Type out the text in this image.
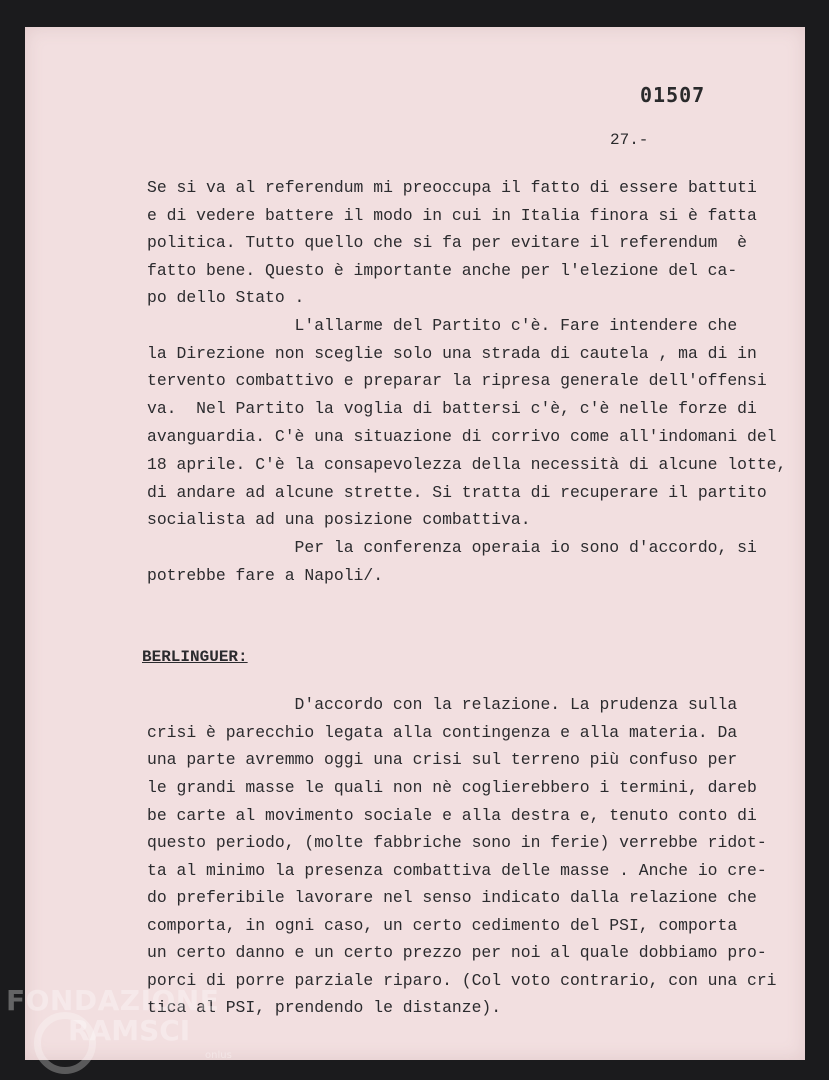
01507
27.-
Se si va al referendum mi preoccupa il fatto di essere battuti
e di vedere battere il modo in cui in Italia finora si è fatta
politica. Tutto quello che si fa per evitare il referendum  è
fatto bene. Questo è importante anche per l'elezione del ca-
po dello Stato .
L'allarme del Partito c'è. Fare intendere che
la Direzione non sceglie solo una strada di cautela , ma di in
tervento combattivo e preparar la ripresa generale dell'offensi
va.  Nel Partito la voglia di battersi c'è, c'è nelle forze di
avanguardia. C'è una situazione di corrivo come all'indomani del
18 aprile. C'è la consapevolezza della necessità di alcune lotte,
di andare ad alcune strette. Si tratta di recuperare il partito
socialista ad una posizione combattiva.
Per la conferenza operaia io sono d'accordo, si
potrebbe fare a Napoli/.
BERLINGUER:
D'accordo con la relazione. La prudenza sulla
crisi è parecchio legata alla contingenza e alla materia. Da
una parte avremmo oggi una crisi sul terreno più confuso per
le grandi masse le quali non nè coglierebbero i termini, dareb
be carte al movimento sociale e alla destra e, tenuto conto di
questo periodo, (molte fabbriche sono in ferie) verrebbe ridot-
ta al minimo la presenza combattiva delle masse . Anche io cre-
do preferibile lavorare nel senso indicato dalla relazione che
comporta, in ogni caso, un certo cedimento del PSI, comporta
un certo danno e un certo prezzo per noi al quale dobbiamo pro-
porci di porre parziale riparo. (Col voto contrario, con una cri
tica al PSI, prendendo le distanze).
FONDAZIONE
RAMSCI
onlus
